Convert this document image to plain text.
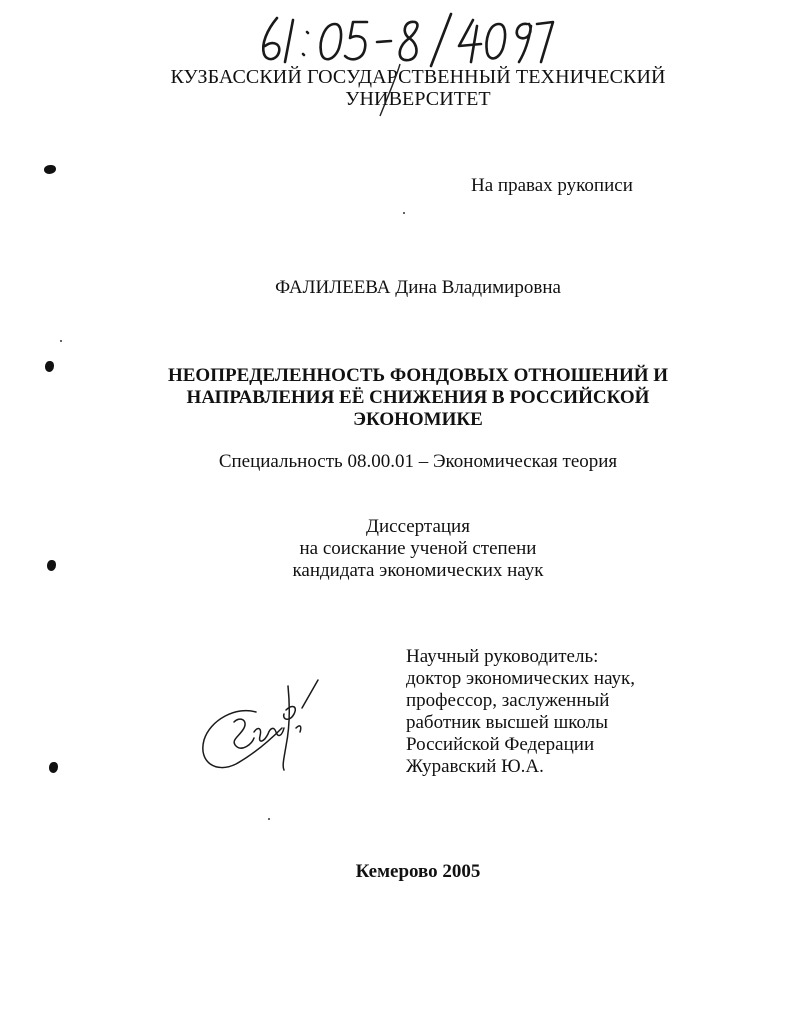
КУЗБАССКИЙ ГОСУДАРСТВЕННЫЙ ТЕХНИЧЕСКИЙ
УНИВЕРСИТЕТ
На правах рукописи
ФАЛИЛЕЕВА Дина Владимировна
НЕОПРЕДЕЛЕННОСТЬ ФОНДОВЫХ ОТНОШЕНИЙ И
НАПРАВЛЕНИЯ ЕЁ СНИЖЕНИЯ В РОССИЙСКОЙ
ЭКОНОМИКЕ
Специальность 08.00.01 – Экономическая теория
Диссертация
на соискание ученой степени
кандидата экономических наук
Научный руководитель:
доктор экономических наук,
профессор, заслуженный
работник высшей школы
Российской Федерации
Журавский Ю.А.
Кемерово 2005
